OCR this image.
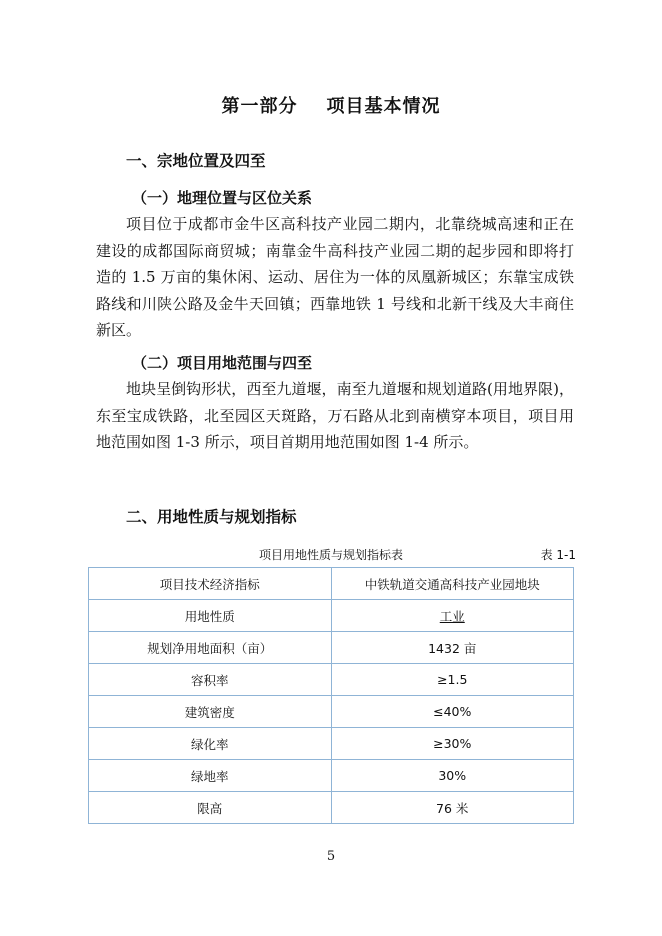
第一部分    项目基本情况
一、宗地位置及四至
（一）地理位置与区位关系

项目位于成都市金牛区高科技产业园二期内，北靠绕城高速和正在建设的成都国际商贸城；南靠金牛高科技产业园二期的起步园和即将打造的 1.5 万亩的集休闲、运动、居住为一体的凤凰新城区；东靠宝成铁路线和川陕公路及金牛天回镇；西靠地铁 1 号线和北新干线及大丰商住新区。

（二）项目用地范围与四至

地块呈倒钩形状，西至九道堰，南至九道堰和规划道路(用地界限)，东至宝成铁路，北至园区天斑路，万石路从北到南横穿本项目，项目用地范围如图 1-3 所示，项目首期用地范围如图 1-4 所示。

二、用地性质与规划指标
项目用地性质与规划指标表	表 1-1
项目技术经济指标	中铁轨道交通高科技产业园地块
用地性质	工业
规划净用地面积（亩）	1432 亩
容积率	≥1.5
建筑密度	≤40%
绿化率	≥30%
绿地率	30%
限高	76 米
5
